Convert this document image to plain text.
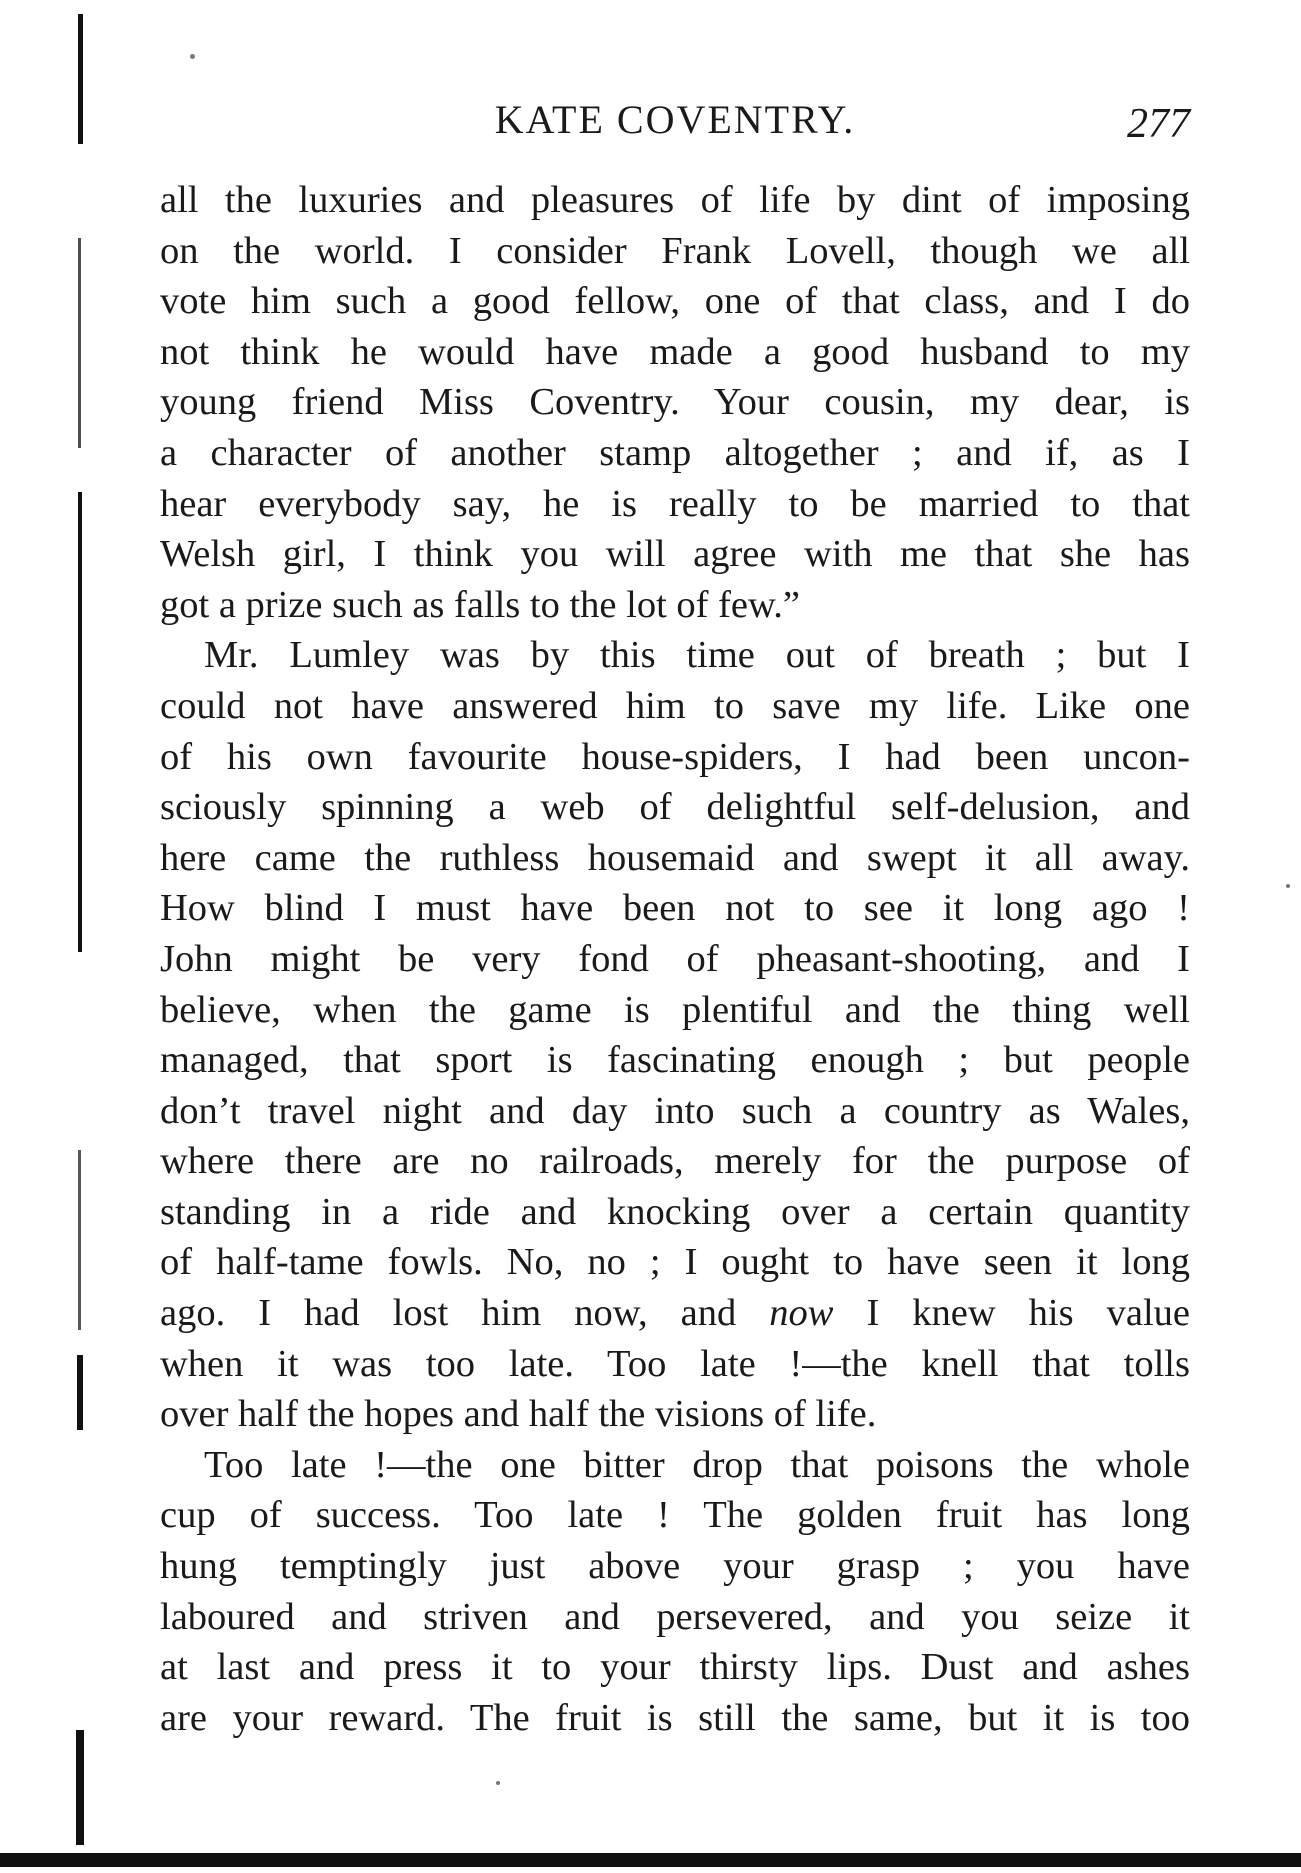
KATE COVENTRY.	277
all the luxuries and pleasures of life by dint of imposing
on the world. I consider Frank Lovell, though we all
vote him such a good fellow, one of that class, and I do
not think he would have made a good husband to my
young friend Miss Coventry. Your cousin, my dear, is
a character of another stamp altogether ; and if, as I
hear everybody say, he is really to be married to that
Welsh girl, I think you will agree with me that she has
got a prize such as falls to the lot of few.”
Mr. Lumley was by this time out of breath ; but I
could not have answered him to save my life. Like one
of his own favourite house-spiders, I had been uncon-
sciously spinning a web of delightful self-delusion, and
here came the ruthless housemaid and swept it all away.
How blind I must have been not to see it long ago !
John might be very fond of pheasant-shooting, and I
believe, when the game is plentiful and the thing well
managed, that sport is fascinating enough ; but people
don’t travel night and day into such a country as Wales,
where there are no railroads, merely for the purpose of
standing in a ride and knocking over a certain quantity
of half-tame fowls. No, no ; I ought to have seen it long
ago. I had lost him now, and now I knew his value
when it was too late. Too late !—the knell that tolls
over half the hopes and half the visions of life.
Too late !—the one bitter drop that poisons the whole
cup of success. Too late ! The golden fruit has long
hung temptingly just above your grasp ; you have
laboured and striven and persevered, and you seize it
at last and press it to your thirsty lips. Dust and ashes
are your reward. The fruit is still the same, but it is too
